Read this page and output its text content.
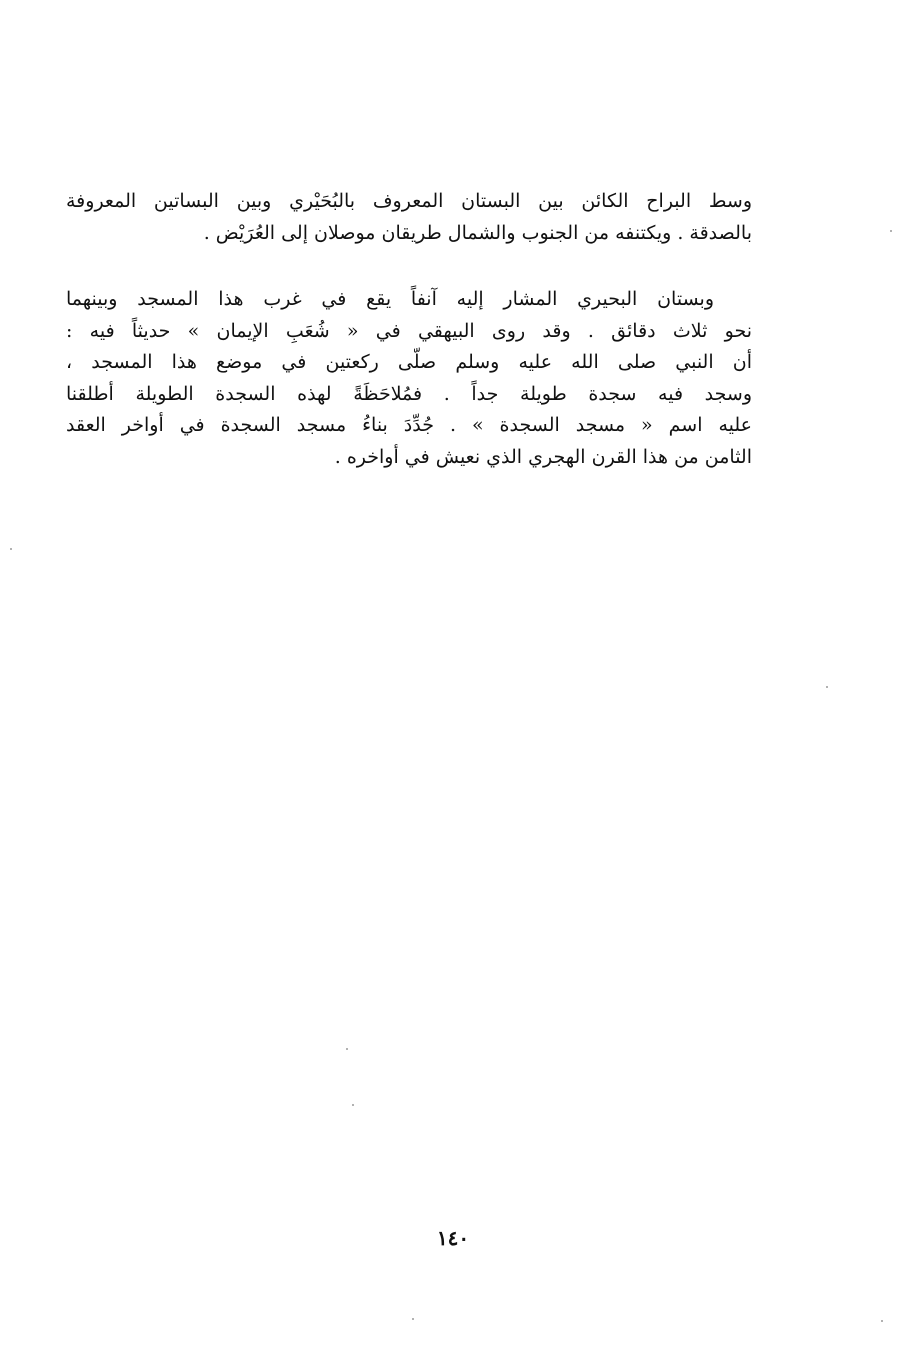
وسط البراح الكائن بين البستان المعروف بالبُحَيْري وبين البساتين المعروفة
بالصدقة . ويكتنفه من الجنوب والشمال طريقان موصلان إلى العُرَيْض .
وبستان البحيري المشار إليه آنفاً يقع في غرب هذا المسجد وبينهما
نحو ثلاث دقائق . وقد روى البيهقي في « شُعَبِ الإيمان » حديثاً فيه :
أن النبي صلى الله عليه وسلم صلّى ركعتين في موضع هذا المسجد ،
وسجد فيه سجدة طويلة جداً . فمُلاحَظَةً لهذه السجدة الطويلة أطلقنا
عليه اسم « مسجد السجدة » . جُدِّدَ بناءُ مسجد السجدة في أواخر العقد
الثامن من هذا القرن الهجري الذي نعيش في أواخره .
١٤٠
